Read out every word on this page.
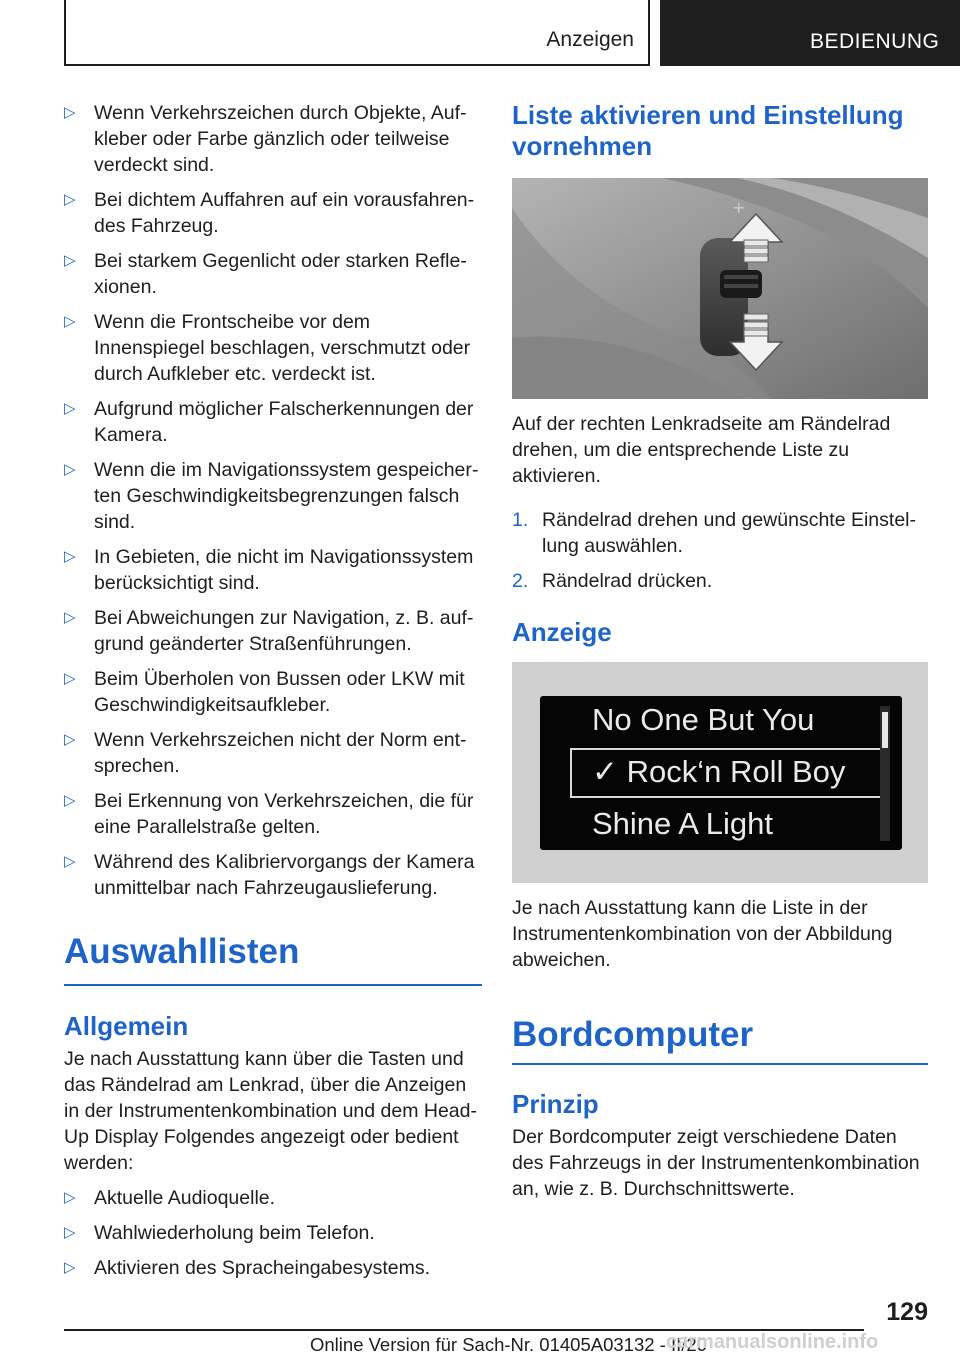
Anzeigen	BEDIENUNG
▷ Wenn Verkehrszeichen durch Objekte, Aufkleber oder Farbe gänzlich oder teilweise verdeckt sind.
▷ Bei dichtem Auffahren auf ein vorausfahrendes Fahrzeug.
▷ Bei starkem Gegenlicht oder starken Reflexionen.
▷ Wenn die Frontscheibe vor dem Innenspiegel beschlagen, verschmutzt oder durch Aufkleber etc. verdeckt ist.
▷ Aufgrund möglicher Falscherkennungen der Kamera.
▷ Wenn die im Navigationssystem gespeicherten Geschwindigkeitsbegrenzungen falsch sind.
▷ In Gebieten, die nicht im Navigationssystem berücksichtigt sind.
▷ Bei Abweichungen zur Navigation, z. B. aufgrund geänderter Straßenführungen.
▷ Beim Überholen von Bussen oder LKW mit Geschwindigkeitsaufkleber.
▷ Wenn Verkehrszeichen nicht der Norm entsprechen.
▷ Bei Erkennung von Verkehrszeichen, die für eine Parallelstraße gelten.
▷ Während des Kalibriervorgangs der Kamera unmittelbar nach Fahrzeugauslieferung.
Auswahllisten
Allgemein

Je nach Ausstattung kann über die Tasten und das Rändelrad am Lenkrad, über die Anzeigen in der Instrumentenkombination und dem Head-Up Display Folgendes angezeigt oder bedient werden:

▷ Aktuelle Audioquelle.
▷ Wahlwiederholung beim Telefon.
▷ Aktivieren des Spracheingabesystems.
Liste aktivieren und Einstellung vornehmen
+

Auf der rechten Lenkradseite am Rändelrad drehen, um die entsprechende Liste zu aktivieren.

1. Rändelrad drehen und gewünschte Einstellung auswählen.
2. Rändelrad drücken.
Anzeige
No One But You
✓ Rock‘n Roll Boy
Shine A Light

Je nach Ausstattung kann die Liste in der Instrumentenkombination von der Abbildung abweichen.

Bordcomputer
Prinzip

Der Bordcomputer zeigt verschiedene Daten des Fahrzeugs in der Instrumentenkombination an, wie z. B. Durchschnittswerte.

129
Online Version für Sach-Nr. 01405A03132 - II/20
carmanualsonline.info
